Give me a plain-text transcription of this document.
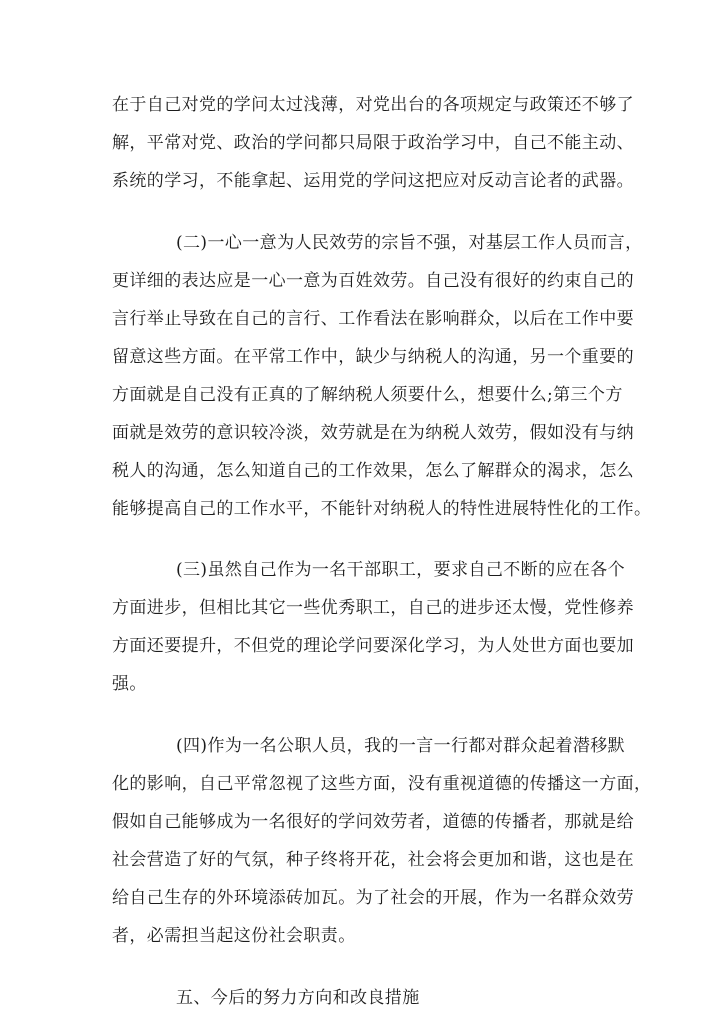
在于自己对党的学问太过浅薄，对党出台的各项规定与政策还不够了
解，平常对党、政治的学问都只局限于政治学习中，自己不能主动、
系统的学习，不能拿起、运用党的学问这把应对反动言论者的武器。
(二)一心一意为人民效劳的宗旨不强，对基层工作人员而言，
更详细的表达应是一心一意为百姓效劳。自己没有很好的约束自己的
言行举止导致在自己的言行、工作看法在影响群众，以后在工作中要
留意这些方面。在平常工作中，缺少与纳税人的沟通，另一个重要的
方面就是自己没有正真的了解纳税人须要什么，想要什么;第三个方
面就是效劳的意识较冷淡，效劳就是在为纳税人效劳，假如没有与纳
税人的沟通，怎么知道自己的工作效果，怎么了解群众的渴求，怎么
能够提高自己的工作水平，不能针对纳税人的特性进展特性化的工作。
(三)虽然自己作为一名干部职工，要求自己不断的应在各个
方面进步，但相比其它一些优秀职工，自己的进步还太慢，党性修养
方面还要提升，不但党的理论学问要深化学习，为人处世方面也要加
强。
(四)作为一名公职人员，我的一言一行都对群众起着潜移默
化的影响，自己平常忽视了这些方面，没有重视道德的传播这一方面，
假如自己能够成为一名很好的学问效劳者，道德的传播者，那就是给
社会营造了好的气氛，种子终将开花，社会将会更加和谐，这也是在
给自己生存的外环境添砖加瓦。为了社会的开展，作为一名群众效劳
者，必需担当起这份社会职责。
五、今后的努力方向和改良措施
